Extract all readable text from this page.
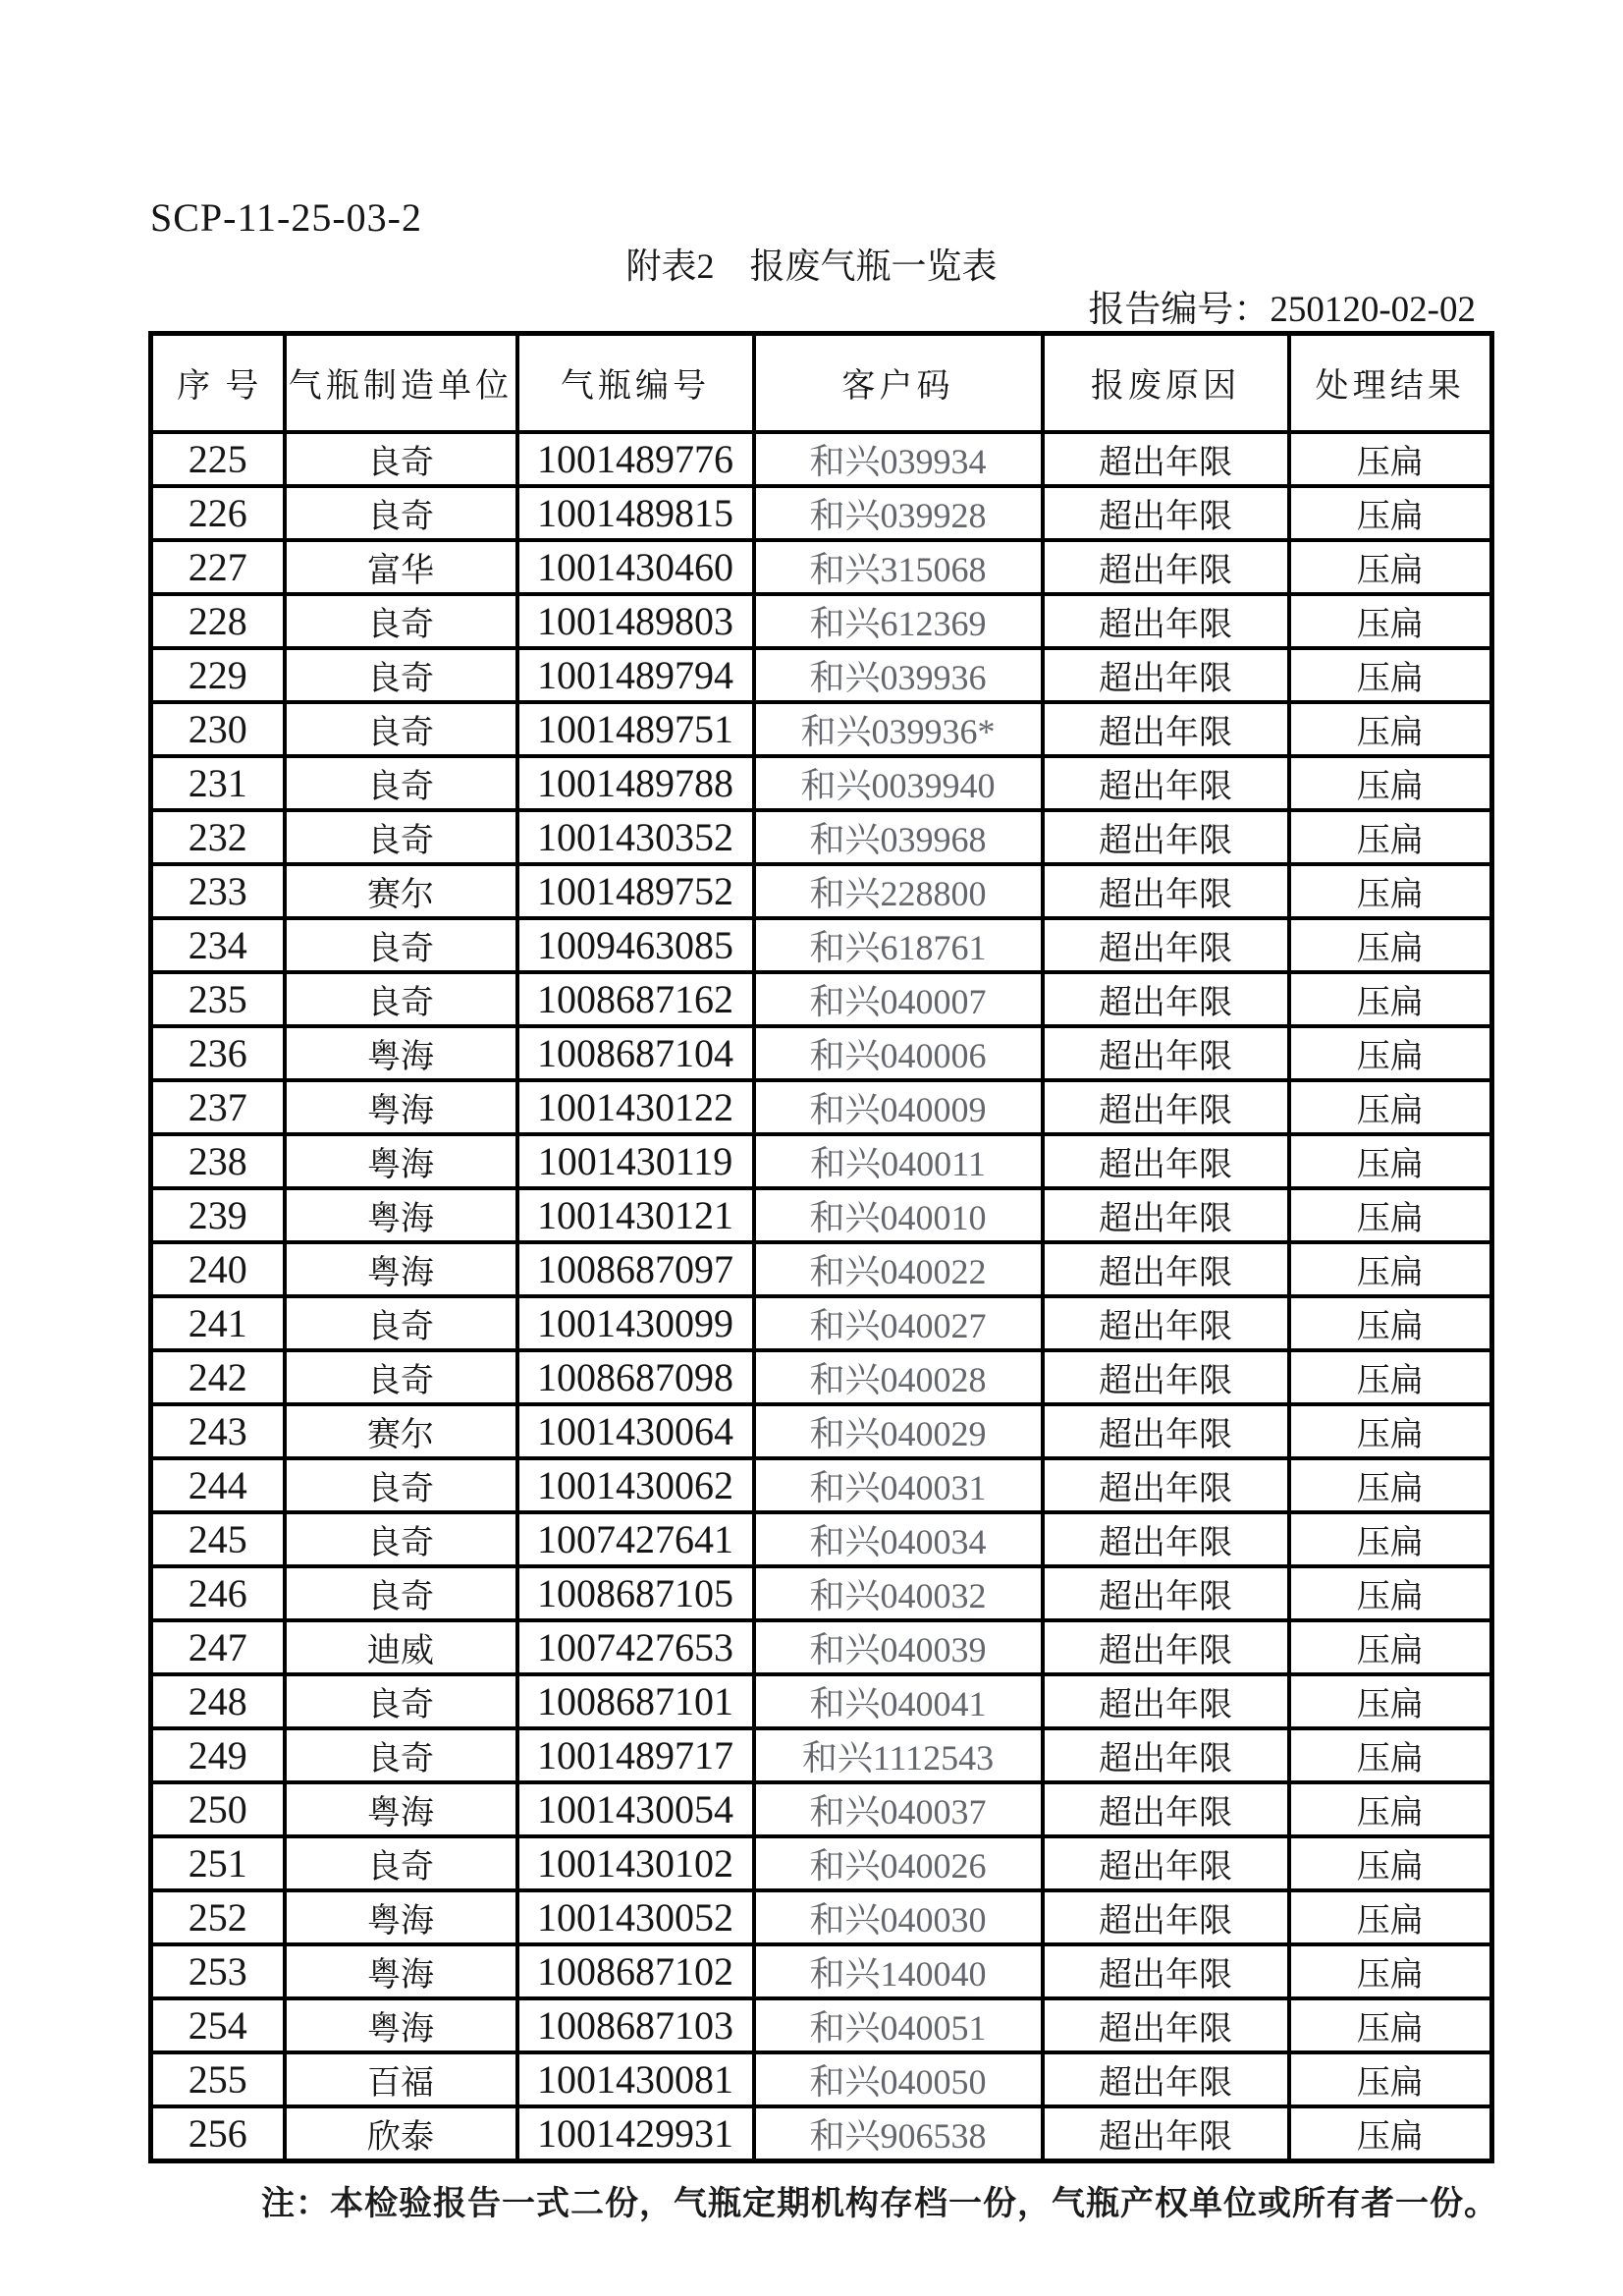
SCP-11-25-03-2
附表2　报废气瓶一览表
报告编号：250120-02-02
序号	气瓶制造单位	气瓶编号	客户码	报废原因	处理结果
225	良奇	1001489776	和兴039934	超出年限	压扁
226	良奇	1001489815	和兴039928	超出年限	压扁
227	富华	1001430460	和兴315068	超出年限	压扁
228	良奇	1001489803	和兴612369	超出年限	压扁
229	良奇	1001489794	和兴039936	超出年限	压扁
230	良奇	1001489751	和兴039936*	超出年限	压扁
231	良奇	1001489788	和兴0039940	超出年限	压扁
232	良奇	1001430352	和兴039968	超出年限	压扁
233	赛尔	1001489752	和兴228800	超出年限	压扁
234	良奇	1009463085	和兴618761	超出年限	压扁
235	良奇	1008687162	和兴040007	超出年限	压扁
236	粤海	1008687104	和兴040006	超出年限	压扁
237	粤海	1001430122	和兴040009	超出年限	压扁
238	粤海	1001430119	和兴040011	超出年限	压扁
239	粤海	1001430121	和兴040010	超出年限	压扁
240	粤海	1008687097	和兴040022	超出年限	压扁
241	良奇	1001430099	和兴040027	超出年限	压扁
242	良奇	1008687098	和兴040028	超出年限	压扁
243	赛尔	1001430064	和兴040029	超出年限	压扁
244	良奇	1001430062	和兴040031	超出年限	压扁
245	良奇	1007427641	和兴040034	超出年限	压扁
246	良奇	1008687105	和兴040032	超出年限	压扁
247	迪威	1007427653	和兴040039	超出年限	压扁
248	良奇	1008687101	和兴040041	超出年限	压扁
249	良奇	1001489717	和兴1112543	超出年限	压扁
250	粤海	1001430054	和兴040037	超出年限	压扁
251	良奇	1001430102	和兴040026	超出年限	压扁
252	粤海	1001430052	和兴040030	超出年限	压扁
253	粤海	1008687102	和兴140040	超出年限	压扁
254	粤海	1008687103	和兴040051	超出年限	压扁
255	百福	1001430081	和兴040050	超出年限	压扁
256	欣泰	1001429931	和兴906538	超出年限	压扁
注：本检验报告一式二份，气瓶定期机构存档一份，气瓶产权单位或所有者一份。
